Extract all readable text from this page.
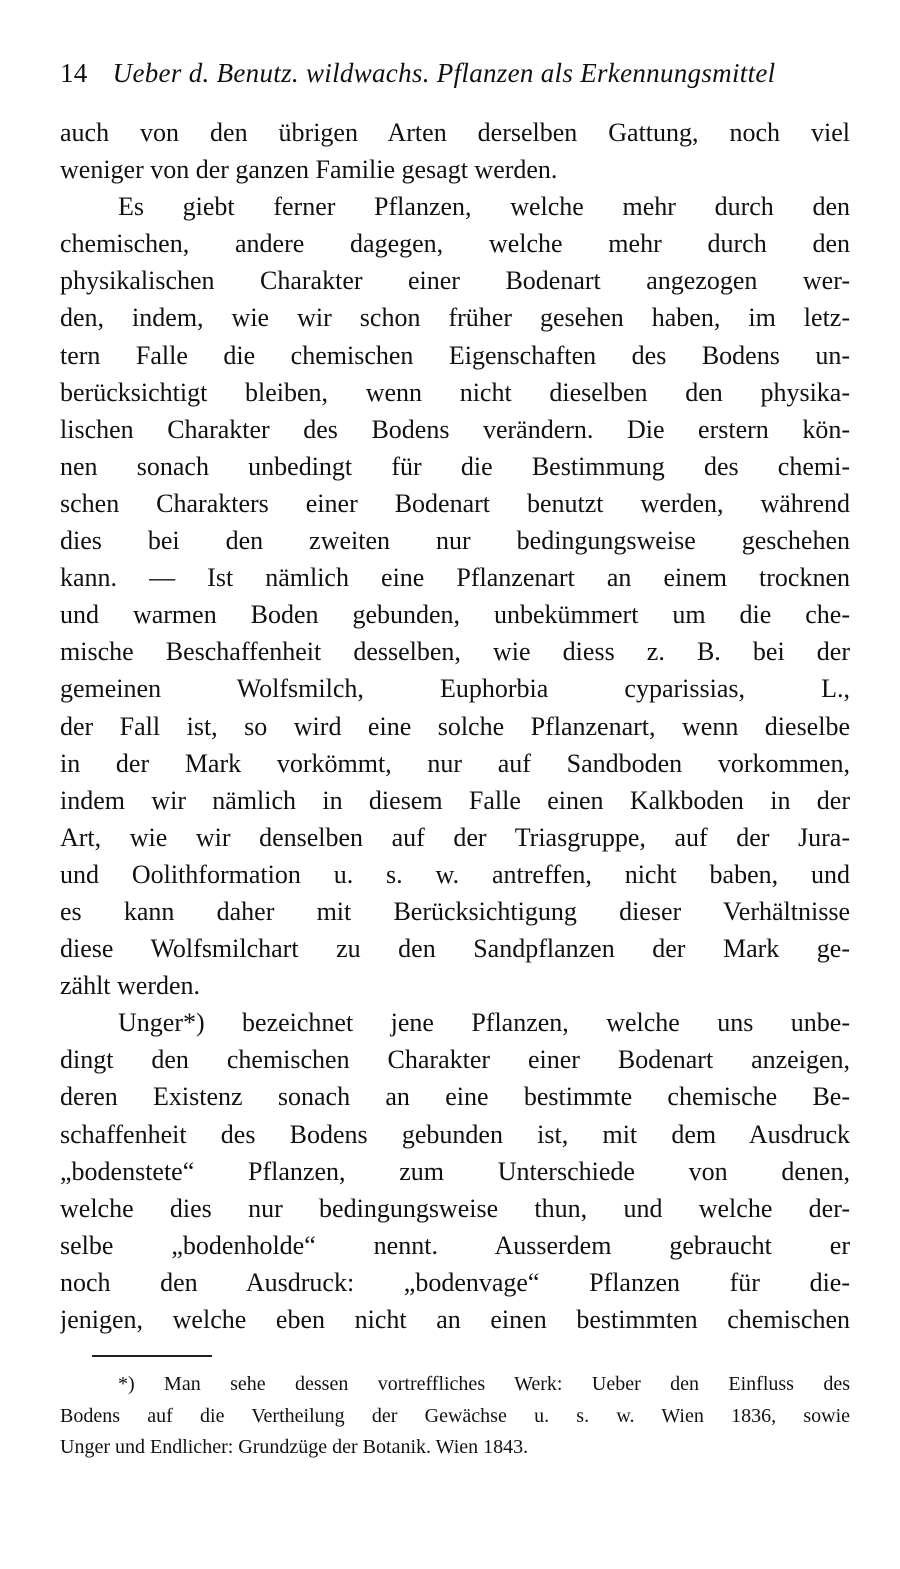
14 Ueber d. Benutz. wildwachs. Pflanzen als Erkennungsmittel
auch von den übrigen Arten derselben Gattung, noch viel
weniger von der ganzen Familie gesagt werden.
Es giebt ferner Pflanzen, welche mehr durch den
chemischen, andere dagegen, welche mehr durch den
physikalischen Charakter einer Bodenart angezogen wer-
den, indem, wie wir schon früher gesehen haben, im letz-
tern Falle die chemischen Eigenschaften des Bodens un-
berücksichtigt bleiben, wenn nicht dieselben den physika-
lischen Charakter des Bodens verändern. Die erstern kön-
nen sonach unbedingt für die Bestimmung des chemi-
schen Charakters einer Bodenart benutzt werden, während
dies bei den zweiten nur bedingungsweise geschehen
kann. — Ist nämlich eine Pflanzenart an einem trocknen
und warmen Boden gebunden, unbekümmert um die che-
mische Beschaffenheit desselben, wie diess z. B. bei der
gemeinen Wolfsmilch, Euphorbia cyparissias, L.,
der Fall ist, so wird eine solche Pflanzenart, wenn dieselbe
in der Mark vorkömmt, nur auf Sandboden vorkommen,
indem wir nämlich in diesem Falle einen Kalkboden in der
Art, wie wir denselben auf der Triasgruppe, auf der Jura-
und Oolithformation u. s. w. antreffen, nicht baben, und
es kann daher mit Berücksichtigung dieser Verhältnisse
diese Wolfsmilchart zu den Sandpflanzen der Mark ge-
zählt werden.
Unger*) bezeichnet jene Pflanzen, welche uns unbe-
dingt den chemischen Charakter einer Bodenart anzeigen,
deren Existenz sonach an eine bestimmte chemische Be-
schaffenheit des Bodens gebunden ist, mit dem Ausdruck
„bodenstete“ Pflanzen, zum Unterschiede von denen,
welche dies nur bedingungsweise thun, und welche der-
selbe „bodenholde“ nennt. Ausserdem gebraucht er
noch den Ausdruck: „bodenvage“ Pflanzen für die-
jenigen, welche eben nicht an einen bestimmten chemischen
*) Man sehe dessen vortreffliches Werk: Ueber den Einfluss des
Bodens auf die Vertheilung der Gewächse u. s. w. Wien 1836, sowie
Unger und Endlicher: Grundzüge der Botanik. Wien 1843.
